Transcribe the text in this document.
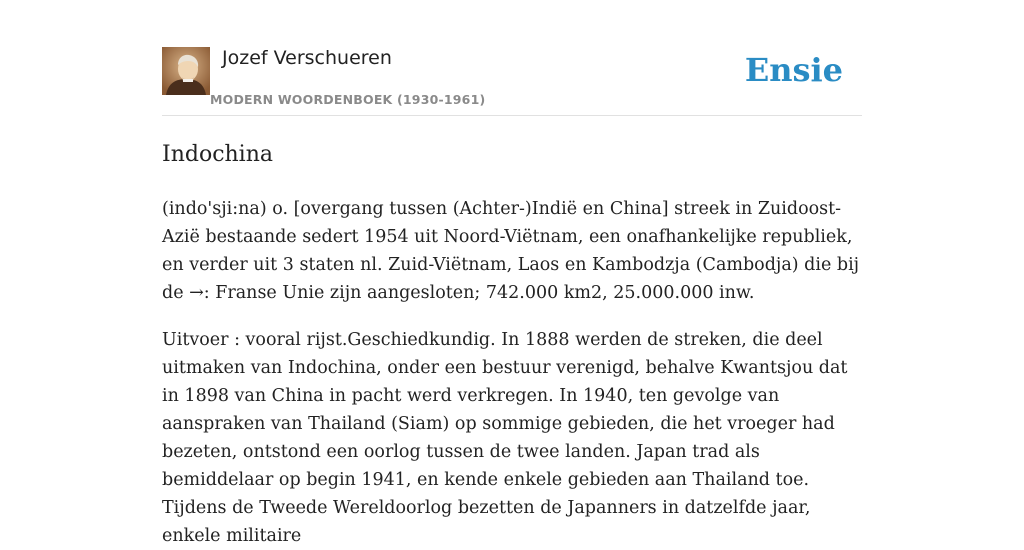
Jozef Verschueren
MODERN WOORDENBOEK (1930-1961)
Ensie
Indochina

(indo'sji:na) o. [overgang tussen (Achter-)Indië en China] streek in Zuidoost-Azië bestaande sedert 1954 uit Noord-Viëtnam, een onafhankelijke republiek, en verder uit 3 staten nl. Zuid-Viëtnam, Laos en Kambodzja (Cambodja) die bij de →: Franse Unie zijn aangesloten; 742.000 km2, 25.000.000 inw.

Uitvoer : vooral rijst.Geschiedkundig. In 1888 werden de streken, die deel uitmaken van Indochina, onder een bestuur verenigd, behalve Kwantsjou dat in 1898 van China in pacht werd verkregen. In 1940, ten gevolge van aanspraken van Thailand (Siam) op sommige gebieden, die het vroeger had bezeten, ontstond een oorlog tussen de twee landen. Japan trad als bemiddelaar op begin 1941, en kende enkele gebieden aan Thailand toe. Tijdens de Tweede Wereldoorlog bezetten de Japanners in datzelfde jaar, enkele militaire
